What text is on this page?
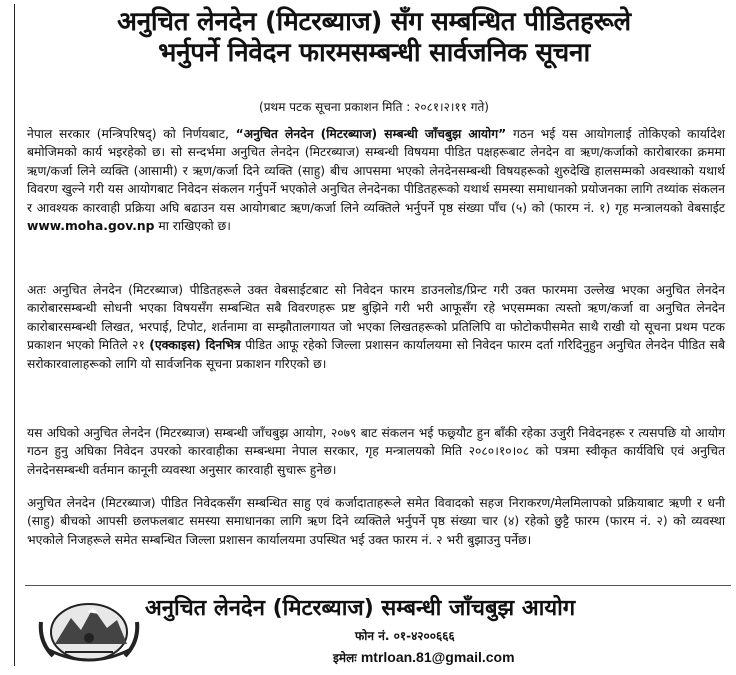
अनुचित लेनदेन (मिटरब्याज) सँग सम्बन्धित पीडितहरूले
भर्नुपर्ने निवेदन फारमसम्बन्धी सार्वजनिक सूचना
(प्रथम पटक सूचना प्रकाशन मिति : २०८१।२।११ गते)
नेपाल सरकार (मन्त्रिपरिषद्) को निर्णयबाट, “अनुचित लेनदेन (मिटरब्याज) सम्बन्धी जाँचबुझ आयोग” गठन भई यस आयोगलाई तोकिएको कार्यादेश बमोजिमको कार्य भइरहेको छ। सो सन्दर्भमा अनुचित लेनदेन (मिटरब्याज) सम्बन्धी विषयमा पीडित पक्षहरूबाट लेनदेन वा ऋण/कर्जाको कारोबारका क्रममा ऋण/कर्जा लिने व्यक्ति (आसामी) र ऋण/कर्जा दिने व्यक्ति (साहु) बीच आपसमा भएको लेनदेनसम्बन्धी विषयहरूको शुरुदेखि हालसम्मको अवस्थाको यथार्थ विवरण खुल्ने गरी यस आयोगबाट निवेदन संकलन गर्नुपर्ने भएकोले अनुचित लेनदेनका पीडितहरूको यथार्थ समस्या समाधानको प्रयोजनका लागि तथ्यांक संकलन र आवश्यक कारवाही प्रक्रिया अघि बढाउन यस आयोगबाट ऋण/कर्जा लिने व्यक्तिले भर्नुपर्ने पृष्ठ संख्या पाँच (५) को (फारम नं. १) गृह मन्त्रालयको वेबसाईट www.moha.gov.np मा राखिएको छ।
अतः अनुचित लेनदेन (मिटरब्याज) पीडितहरूले उक्त वेबसाईटबाट सो निवेदन फारम डाउनलोड/प्रिन्ट गरी उक्त फारममा उल्लेख भएका अनुचित लेनदेन कारोबारसम्बन्धी सोधनी भएका विषयसँग सम्बन्धित सबै विवरणहरू प्रष्ट बुझिने गरी भरी आफूसँग रहे भएसम्मका त्यस्तो ऋण/कर्जा वा अनुचित लेनदेन कारोबारसम्बन्धी लिखत, भरपाई, टिपोट, शर्तनामा वा सम्झौतालगायत जो भएका लिखतहरूको प्रतिलिपि वा फोटोकपीसमेत साथै राखी यो सूचना प्रथम पटक प्रकाशन भएको मितिले २१ (एक्काइस) दिनभित्र पीडित आफू रहेको जिल्ला प्रशासन कार्यालयमा सो निवेदन फारम दर्ता गरिदिनुहुन अनुचित लेनदेन पीडित सबै सरोकारवालाहरूको लागि यो सार्वजनिक सूचना प्रकाशन गरिएको छ।
यस अघिको अनुचित लेनदेन (मिटरब्याज) सम्बन्धी जाँचबुझ आयोग, २०७९ बाट संकलन भई फछ्र्यौट हुन बाँकी रहेका उजुरी निवेदनहरू र त्यसपछि यो आयोग गठन हुनु अघिका निवेदन उपरको कारवाहीका सम्बन्धमा नेपाल सरकार, गृह मन्त्रालयको मिति २०८०।१०।०८ को पत्रमा स्वीकृत कार्यविधि एवं अनुचित लेनदेनसम्बन्धी वर्तमान कानूनी व्यवस्था अनुसार कारवाही सुचारू हुनेछ।
अनुचित लेनदेन (मिटरब्याज) पीडित निवेदकसँग सम्बन्धित साहु एवं कर्जादाताहरूले समेत विवादको सहज निराकरण/मेलमिलापको प्रक्रियाबाट ऋणी र धनी (साहु) बीचको आपसी छलफलबाट समस्या समाधानका लागि ऋण दिने व्यक्तिले भर्नुपर्ने पृष्ठ संख्या चार (४) रहेको छुट्टै फारम (फारम नं. २) को व्यवस्था भएकोले निजहरूले समेत सम्बन्धित जिल्ला प्रशासन कार्यालयमा उपस्थित भई उक्त फारम नं. २ भरी बुझाउनु पर्नेछ।
अनुचित लेनदेन (मिटरब्याज) सम्बन्धी जाँचबुझ आयोग
फोन नं. ०१-४२००६६६
इमेलः mtrloan.81@gmail.com
